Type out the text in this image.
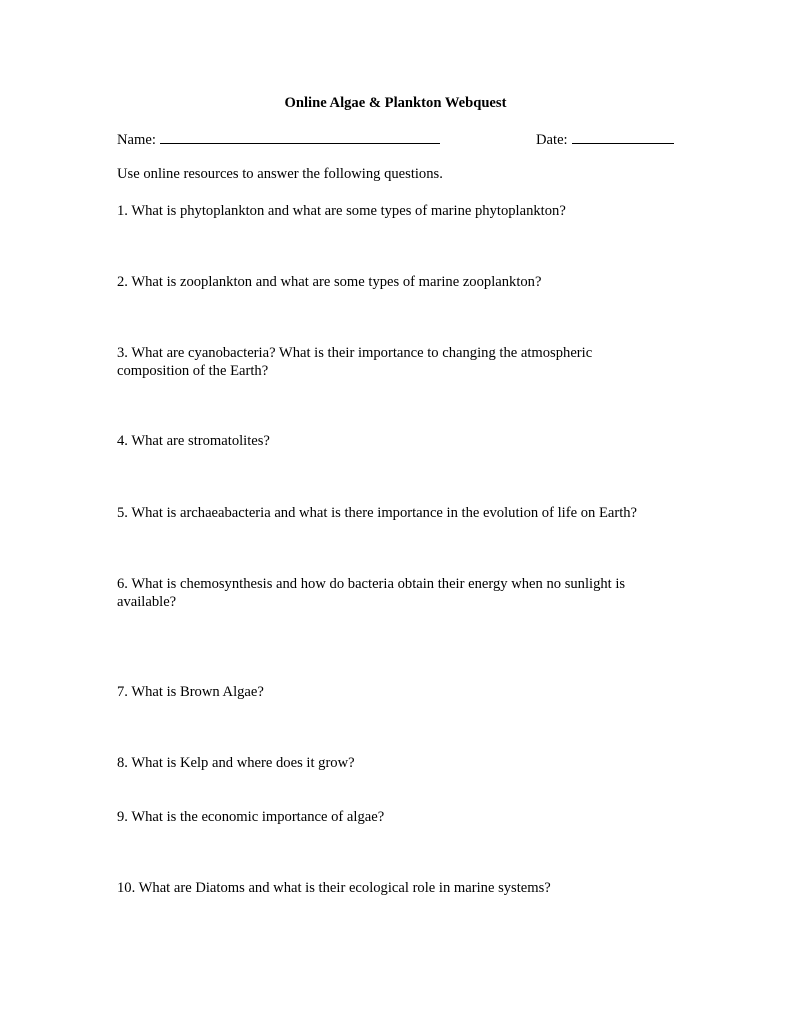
Online Algae & Plankton Webquest
Name:	Date:
Use online resources to answer the following questions.
1. What is phytoplankton and what are some types of marine phytoplankton?
2. What is zooplankton and what are some types of marine zooplankton?
3. What are cyanobacteria? What is their importance to changing the atmospheric
composition of the Earth?
4. What are stromatolites?
5. What is archaeabacteria and what is there importance in the evolution of life on Earth?
6. What is chemosynthesis and how do bacteria obtain their energy when no sunlight is
available?
7. What is Brown Algae?
8. What is Kelp and where does it grow?
9. What is the economic importance of algae?
10. What are Diatoms and what is their ecological role in marine systems?
